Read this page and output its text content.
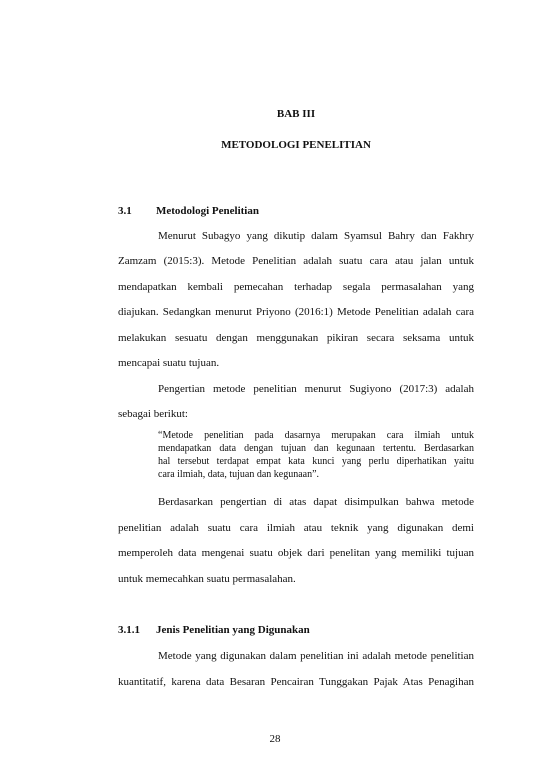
BAB III
METODOLOGI PENELITIAN
3.1 Metodologi Penelitian
Menurut Subagyo yang dikutip dalam Syamsul Bahry dan Fakhry
Zamzam (2015:3). Metode Penelitian adalah suatu cara atau jalan untuk
mendapatkan kembali pemecahan terhadap segala permasalahan yang
diajukan. Sedangkan menurut Priyono (2016:1) Metode Penelitian adalah cara
melakukan sesuatu dengan menggunakan pikiran secara seksama untuk
mencapai suatu tujuan.
Pengertian metode penelitian menurut Sugiyono (2017:3) adalah
sebagai berikut:
“Metode penelitian pada dasarnya merupakan cara ilmiah untuk
mendapatkan data dengan tujuan dan kegunaan tertentu. Berdasarkan
hal tersebut terdapat empat kata kunci yang perlu diperhatikan yaitu
cara ilmiah, data, tujuan dan kegunaan”.
Berdasarkan pengertian di atas dapat disimpulkan bahwa metode
penelitian adalah suatu cara ilmiah atau teknik yang digunakan demi
memperoleh data mengenai suatu objek dari penelitan yang memiliki tujuan
untuk memecahkan suatu permasalahan.
3.1.1 Jenis Penelitian yang Digunakan
Metode yang digunakan dalam penelitian ini adalah metode penelitian
kuantitatif, karena data Besaran Pencairan Tunggakan Pajak Atas Penagihan
28
